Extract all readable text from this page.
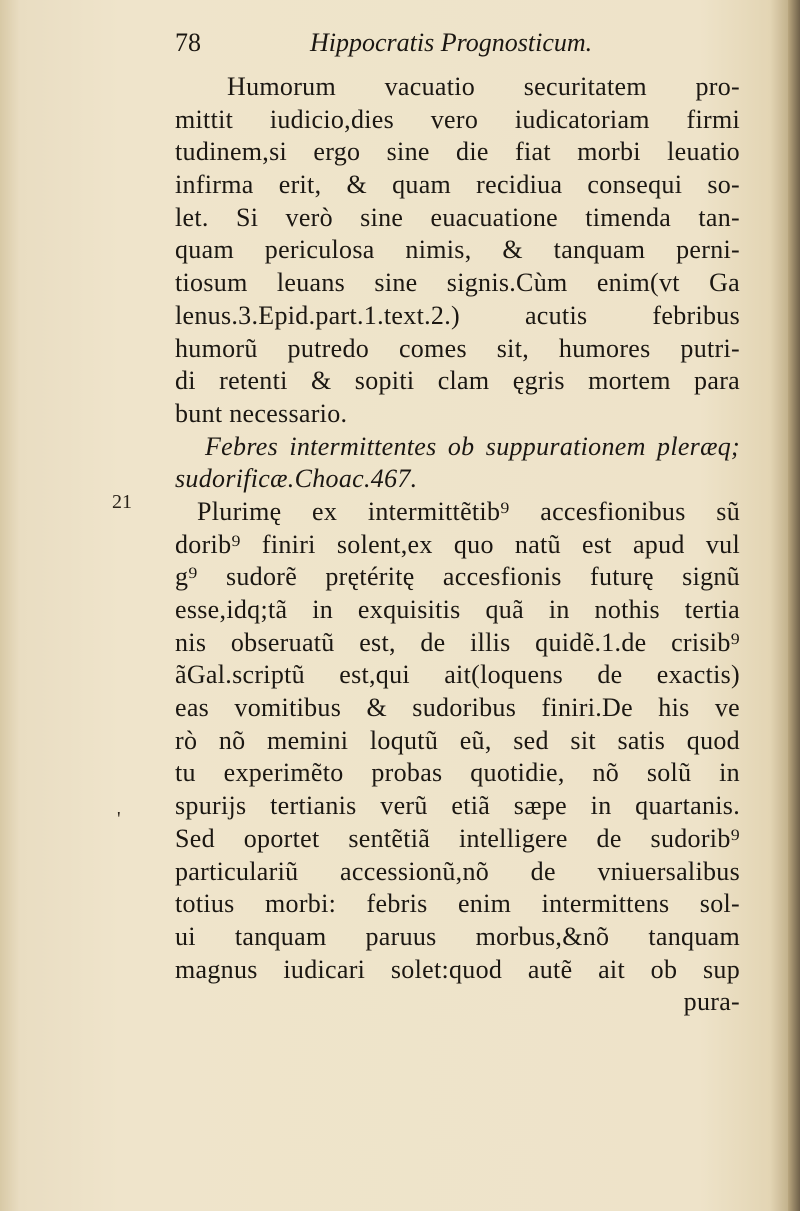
78	Hippocratis Prognosticum.
21
'
Humorum vacuatio securitatem pro-
mittit iudicio,dies vero iudicatoriam firmi
tudinem,si ergo sine die fiat morbi leuatio
infirma erit, & quam recidiua consequi so-
let. Si verò sine euacuatione timenda tan-
quam periculosa nimis, & tanquam perni-
tiosum leuans sine signis.Cùm enim(vt Ga
lenus.3.Epid.part.1.text.2.) acutis febribus
humorũ putredo comes sit, humores putri-
di retenti & sopiti clam ęgris mortem para
bunt necessario.
Febres intermittentes ob suppurationem pleræq;
sudorificæ.Choac.467.
Plurimę ex intermittẽtib⁹ accesfionibus sũ
dorib⁹ finiri solent,ex quo natũ est apud vul
g⁹ sudorẽ prętéritę accesfionis futurę signũ
esse,idq;tã in exquisitis quã in nothis tertia
nis obseruatũ est, de illis quidẽ.1.de crisib⁹
ãGal.scriptũ est,qui ait(loquens de exactis)
eas vomitibus & sudoribus finiri.De his ve
rò nõ memini loqutũ eũ, sed sit satis quod
tu experimẽto probas quotidie, nõ solũ in
spurijs tertianis verũ etiã sæpe in quartanis.
Sed oportet sentẽtiã intelligere de sudorib⁹
particulariũ accessionũ,nõ de vniuersalibus
totius morbi: febris enim intermittens sol-
ui tanquam paruus morbus,&nõ tanquam
magnus iudicari solet:quod autẽ ait ob sup
pura-
